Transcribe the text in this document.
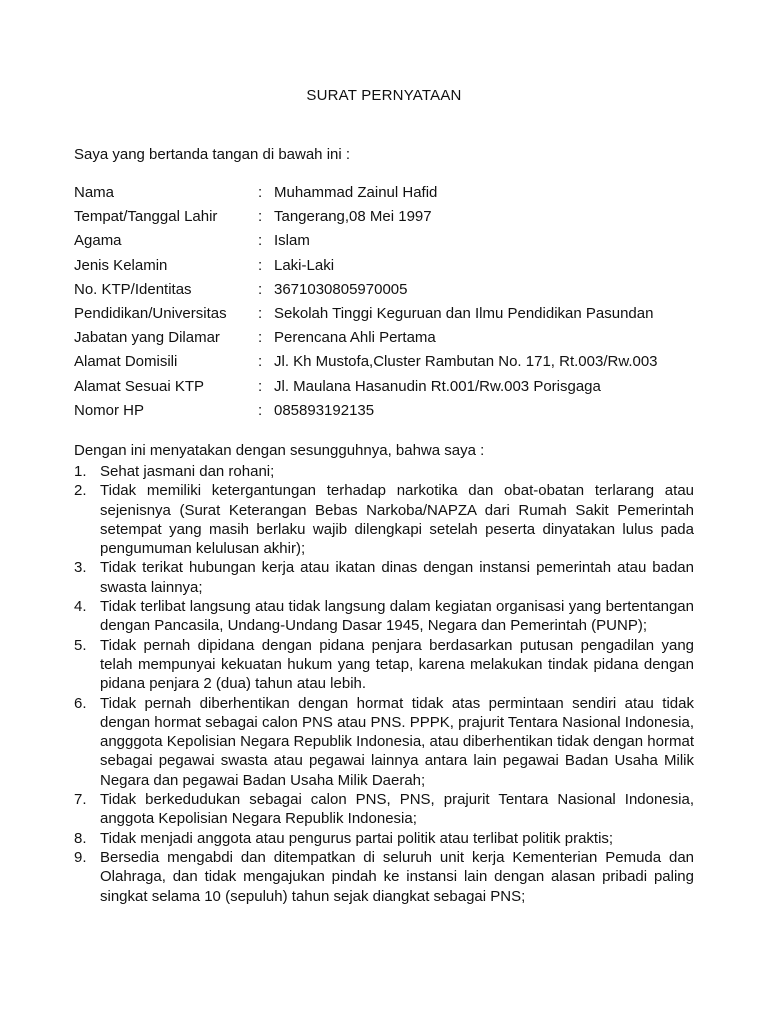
SURAT PERNYATAAN
Saya yang bertanda tangan di bawah ini :
Nama	: Muhammad Zainul Hafid
Tempat/Tanggal Lahir	: Tangerang,08 Mei 1997
Agama	: Islam
Jenis Kelamin	: Laki-Laki
No. KTP/Identitas	: 3671030805970005
Pendidikan/Universitas	: Sekolah Tinggi Keguruan dan Ilmu Pendidikan Pasundan
Jabatan yang Dilamar	: Perencana Ahli Pertama
Alamat Domisili	: Jl. Kh Mustofa,Cluster Rambutan No. 171, Rt.003/Rw.003
Alamat Sesuai KTP	: Jl. Maulana Hasanudin Rt.001/Rw.003 Porisgaga
Nomor HP	: 085893192135
Dengan ini menyatakan dengan sesungguhnya, bahwa saya :
1. Sehat jasmani dan rohani;
2. Tidak memiliki ketergantungan terhadap narkotika dan obat-obatan terlarang atau sejenisnya (Surat Keterangan Bebas Narkoba/NAPZA dari Rumah Sakit Pemerintah setempat yang masih berlaku wajib dilengkapi setelah peserta dinyatakan lulus pada pengumuman kelulusan akhir);
3. Tidak terikat hubungan kerja atau ikatan dinas dengan instansi pemerintah atau badan swasta lainnya;
4. Tidak terlibat langsung atau tidak langsung dalam kegiatan organisasi yang bertentangan dengan Pancasila, Undang-Undang Dasar 1945, Negara dan Pemerintah (PUNP);
5. Tidak pernah dipidana dengan pidana penjara berdasarkan putusan pengadilan yang telah mempunyai kekuatan hukum yang tetap, karena melakukan tindak pidana dengan pidana penjara 2 (dua) tahun atau lebih.
6. Tidak pernah diberhentikan dengan hormat tidak atas permintaan sendiri atau tidak dengan hormat sebagai calon PNS atau PNS. PPPK, prajurit Tentara Nasional Indonesia, angggota Kepolisian Negara Republik Indonesia, atau diberhentikan tidak dengan hormat sebagai pegawai swasta atau pegawai lainnya antara lain pegawai Badan Usaha Milik Negara dan pegawai Badan Usaha Milik Daerah;
7. Tidak berkedudukan sebagai calon PNS, PNS, prajurit Tentara Nasional Indonesia, anggota Kepolisian Negara Republik Indonesia;
8. Tidak menjadi anggota atau pengurus partai politik atau terlibat politik praktis;
9. Bersedia mengabdi dan ditempatkan di seluruh unit kerja Kementerian Pemuda dan Olahraga, dan tidak mengajukan pindah ke instansi lain dengan alasan pribadi paling singkat selama 10 (sepuluh) tahun sejak diangkat sebagai PNS;
